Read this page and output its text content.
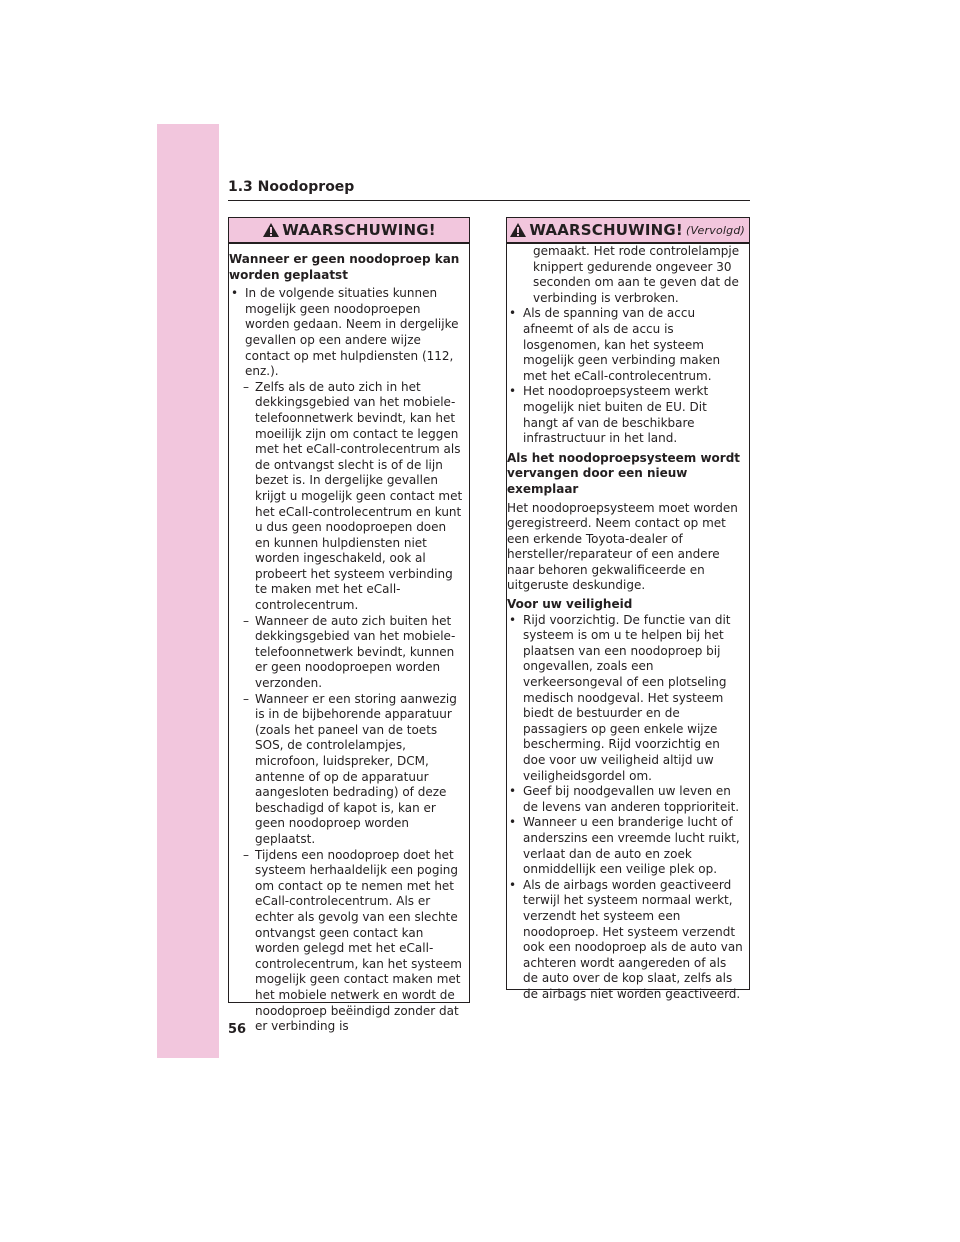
1.3 Noodoproep
WAARSCHUWING!

Wanneer er geen noodoproep kan worden geplaatst

• In de volgende situaties kunnen mogelijk geen noodoproepen worden gedaan. Neem in dergelijke gevallen op een andere wijze contact op met hulpdiensten (112, enz.).

– Zelfs als de auto zich in het dekkingsgebied van het mobiele-telefoonnetwerk bevindt, kan het moeilijk zijn om contact te leggen met het eCall-controlecentrum als de ontvangst slecht is of de lijn bezet is. In dergelijke gevallen krijgt u mogelijk geen contact met het eCall-controlecentrum en kunt u dus geen noodoproepen doen en kunnen hulpdiensten niet worden ingeschakeld, ook al probeert het systeem verbinding te maken met het eCall-controlecentrum.

– Wanneer de auto zich buiten het dekkingsgebied van het mobiele-telefoonnetwerk bevindt, kunnen er geen noodoproepen worden verzonden.

– Wanneer er een storing aanwezig is in de bijbehorende apparatuur (zoals het paneel van de toets SOS, de controlelampjes, microfoon, luidspreker, DCM, antenne of op de apparatuur aangesloten bedrading) of deze beschadigd of kapot is, kan er geen noodoproep worden geplaatst.

– Tijdens een noodoproep doet het systeem herhaaldelijk een poging om contact op te nemen met het eCall-controlecentrum. Als er echter als gevolg van een slechte ontvangst geen contact kan worden gelegd met het eCall-controlecentrum, kan het systeem mogelijk geen contact maken met het mobiele netwerk en wordt de noodoproep beëindigd zonder dat er verbinding is

WAARSCHUWING! (Vervolgd)

gemaakt. Het rode controlelampje knippert gedurende ongeveer 30 seconden om aan te geven dat de verbinding is verbroken.

• Als de spanning van de accu afneemt of als de accu is losgenomen, kan het systeem mogelijk geen verbinding maken met het eCall-controlecentrum.

• Het noodoproepsysteem werkt mogelijk niet buiten de EU. Dit hangt af van de beschikbare infrastructuur in het land.

Als het noodoproepsysteem wordt vervangen door een nieuw exemplaar

Het noodoproepsysteem moet worden geregistreerd. Neem contact op met een erkende Toyota-dealer of hersteller/reparateur of een andere naar behoren gekwalificeerde en uitgeruste deskundige.

Voor uw veiligheid

• Rijd voorzichtig. De functie van dit systeem is om u te helpen bij het plaatsen van een noodoproep bij ongevallen, zoals een verkeersongeval of een plotseling medisch noodgeval. Het systeem biedt de bestuurder en de passagiers op geen enkele wijze bescherming. Rijd voorzichtig en doe voor uw veiligheid altijd uw veiligheidsgordel om.

• Geef bij noodgevallen uw leven en de levens van anderen topprioriteit.

• Wanneer u een branderige lucht of anderszins een vreemde lucht ruikt, verlaat dan de auto en zoek onmiddellijk een veilige plek op.

• Als de airbags worden geactiveerd terwijl het systeem normaal werkt, verzendt het systeem een noodoproep. Het systeem verzendt ook een noodoproep als de auto van achteren wordt aangereden of als de auto over de kop slaat, zelfs als de airbags niet worden geactiveerd.

56
